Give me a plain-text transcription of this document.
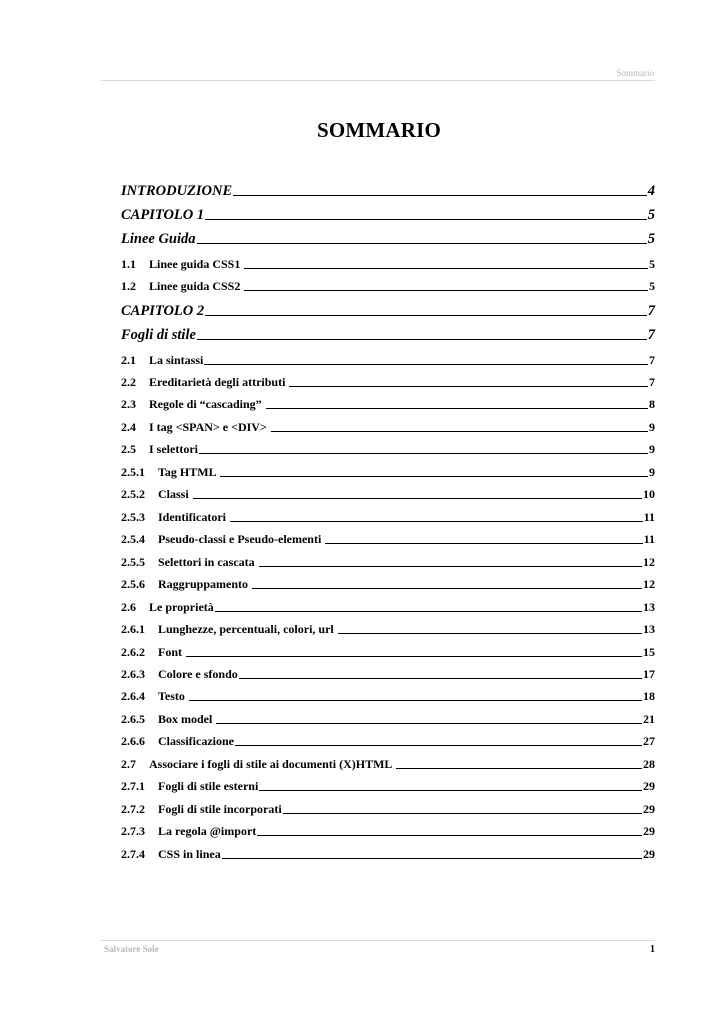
Sommario
SOMMARIO
INTRODUZIONE	4
CAPITOLO 1	5
Linee Guida	5
1.1 Linee guida CSS1	5
1.2 Linee guida CSS2	5
CAPITOLO 2	7
Fogli di stile	7
2.1 La sintassi	7
2.2 Ereditarietà degli attributi	7
2.3 Regole di “cascading”	8
2.4 I tag <SPAN> e <DIV>	9
2.5 I selettori	9
2.5.1 Tag HTML	9
2.5.2 Classi	10
2.5.3 Identificatori	11
2.5.4 Pseudo-classi e Pseudo-elementi	11
2.5.5 Selettori in cascata	12
2.5.6 Raggruppamento	12
2.6 Le proprietà	13
2.6.1 Lunghezze, percentuali, colori, url	13
2.6.2 Font	15
2.6.3 Colore e sfondo	17
2.6.4 Testo	18
2.6.5 Box model	21
2.6.6 Classificazione	27
2.7 Associare i fogli di stile ai documenti (X)HTML	28
2.7.1 Fogli di stile esterni	29
2.7.2 Fogli di stile incorporati	29
2.7.3 La regola @import	29
2.7.4 CSS in linea	29
Salvatore Sole	1
